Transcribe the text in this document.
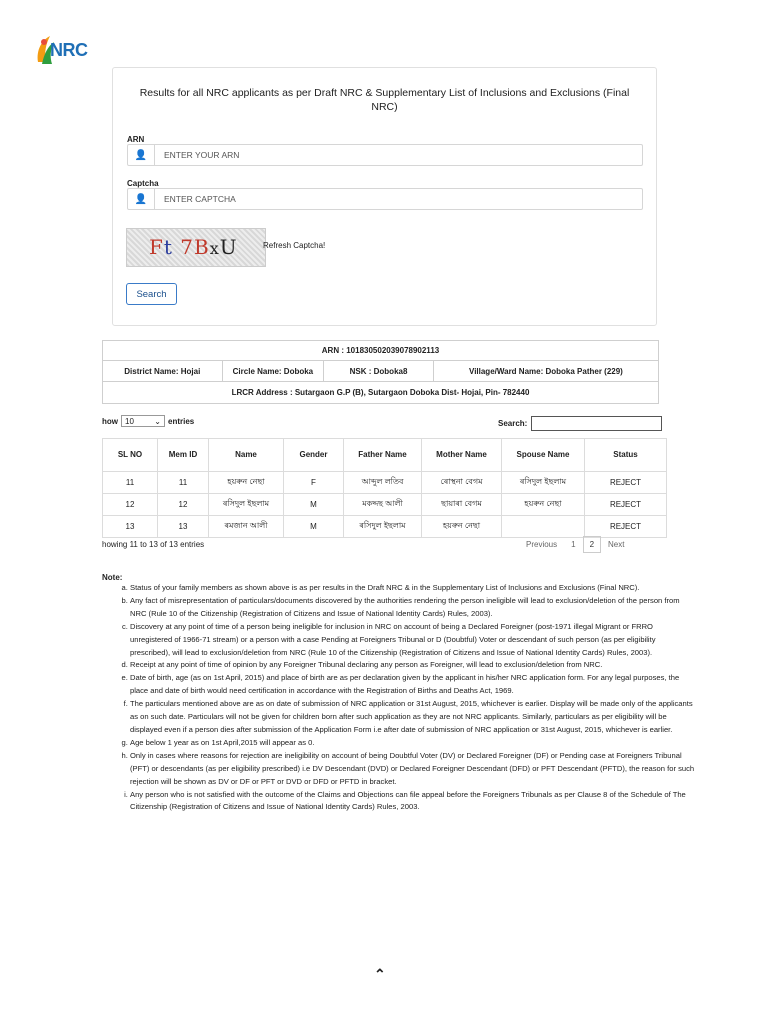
NRC
Results for all NRC applicants as per Draft NRC & Supplementary List of Inclusions and Exclusions (Final NRC)
ARN
👤
ENTER YOUR ARN
Captcha
👤
ENTER CAPTCHA
Ft 7BxU	Refresh Captcha!
Search
ARN : 101830502039078902113
District Name: Hojai	Circle Name: Doboka	NSK : Doboka8	Village/Ward Name: Doboka Pather (229)
LRCR Address : Sutargaon G.P (B), Sutargaon Doboka Dist- Hojai, Pin- 782440
how 10	⌄ entries	Search:
SL NO	Mem ID	Name	Gender	Father Name	Mother Name	Spouse Name	Status
11	11	হয়ৰুন নেছা	F	আব্দুল লতিব	ৰোস্থনা বেগম	ৰসিদুল ইছলাম	REJECT
12	12	ৰসিদুল ইছলাম	M	মকদ্দছ আলী	ছায়াৰা বেগম	হয়ৰুন নেছা	REJECT
13	13	ৰমজান আলী	M	ৰসিদুল ইছলাম	হয়ৰুন নেছা		REJECT
howing 11 to 13 of 13 entries	Previous	1	2	Next
Note:
a. Status of your family members as shown above is as per results in the Draft NRC & in the Supplementary List of Inclusions and Exclusions (Final NRC).
b. Any fact of misrepresentation of particulars/documents discovered by the authorities rendering the person ineligible will lead to exclusion/deletion of the person from NRC (Rule 10 of the Citizenship (Registration of Citizens and Issue of National Identity Cards) Rules, 2003).
c. Discovery at any point of time of a person being ineligible for inclusion in NRC on account of being a Declared Foreigner (post-1971 illegal Migrant or FRRO unregistered of 1966-71 stream) or a person with a case Pending at Foreigners Tribunal or D (Doubtful) Voter or descendant of such person (as per eligibility prescribed), will lead to exclusion/deletion from NRC (Rule 10 of the Citizenship (Registration of Citizens and Issue of National Identity Cards) Rules, 2003).
d. Receipt at any point of time of opinion by any Foreigner Tribunal declaring any person as Foreigner, will lead to exclusion/deletion from NRC.
e. Date of birth, age (as on 1st April, 2015) and place of birth are as per declaration given by the applicant in his/her NRC application form. For any legal purposes, the place and date of birth would need certification in accordance with the Registration of Births and Deaths Act, 1969.
f. The particulars mentioned above are as on date of submission of NRC application or 31st August, 2015, whichever is earlier. Display will be made only of the applicants as on such date. Particulars will not be given for children born after such application as they are not NRC applicants. Similarly, particulars as per eligibility will be displayed even if a person dies after submission of the Application Form i.e after date of submission of NRC application or 31st August, 2015, whichever is earlier.
g. Age below 1 year as on 1st April,2015 will appear as 0.
h. Only in cases where reasons for rejection are ineligibility on account of being Doubtful Voter (DV) or Declared Foreigner (DF) or Pending case at Foreigners Tribunal (PFT) or descendants (as per eligibility prescribed) i.e DV Descendant (DVD) or Declared Foreigner Descendant (DFD) or PFT Descendant (PFTD), the reason for such rejection will be shown as DV or DF or PFT or DVD or DFD or PFTD in bracket.
i. Any person who is not satisfied with the outcome of the Claims and Objections can file appeal before the Foreigners Tribunals as per Clause 8 of the Schedule of The Citizenship (Registration of Citizens and Issue of National Identity Cards) Rules, 2003.
⌃
